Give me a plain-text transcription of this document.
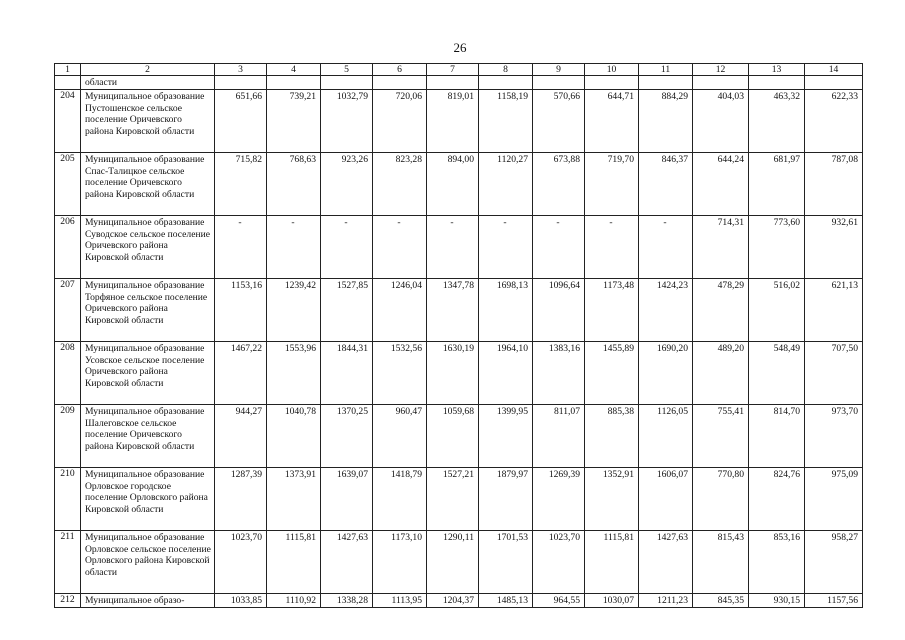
26
1	2	3	4	5	6	7	8	9	10	11	12	13	14
	области												
204	Муниципальное образование Пустошенское сельское поселение Оричевского района Кировской области	651,66	739,21	1032,79	720,06	819,01	1158,19	570,66	644,71	884,29	404,03	463,32	622,33
205	Муниципальное образование Спас-Талицкое сельское поселение Оричевского района Кировской области	715,82	768,63	923,26	823,28	894,00	1120,27	673,88	719,70	846,37	644,24	681,97	787,08
206	Муниципальное образование Суводское сельское поселение Оричевского района Кировской области	-	-	-	-	-	-	-	-	-	714,31	773,60	932,61
207	Муниципальное образование Торфяное сельское поселение Оричевского района Кировской области	1153,16	1239,42	1527,85	1246,04	1347,78	1698,13	1096,64	1173,48	1424,23	478,29	516,02	621,13
208	Муниципальное образование Усовское сельское поселение Оричевского района Кировской области	1467,22	1553,96	1844,31	1532,56	1630,19	1964,10	1383,16	1455,89	1690,20	489,20	548,49	707,50
209	Муниципальное образование Шалеговское сельское поселение Оричевского района Кировской области	944,27	1040,78	1370,25	960,47	1059,68	1399,95	811,07	885,38	1126,05	755,41	814,70	973,70
210	Муниципальное образование Орловское городское поселение Орловского района Кировской области	1287,39	1373,91	1639,07	1418,79	1527,21	1879,97	1269,39	1352,91	1606,07	770,80	824,76	975,09
211	Муниципальное образование Орловское сельское поселение Орловского района Кировской области	1023,70	1115,81	1427,63	1173,10	1290,11	1701,53	1023,70	1115,81	1427,63	815,43	853,16	958,27
212	Муниципальное образо-	1033,85	1110,92	1338,28	1113,95	1204,37	1485,13	964,55	1030,07	1211,23	845,35	930,15	1157,56
